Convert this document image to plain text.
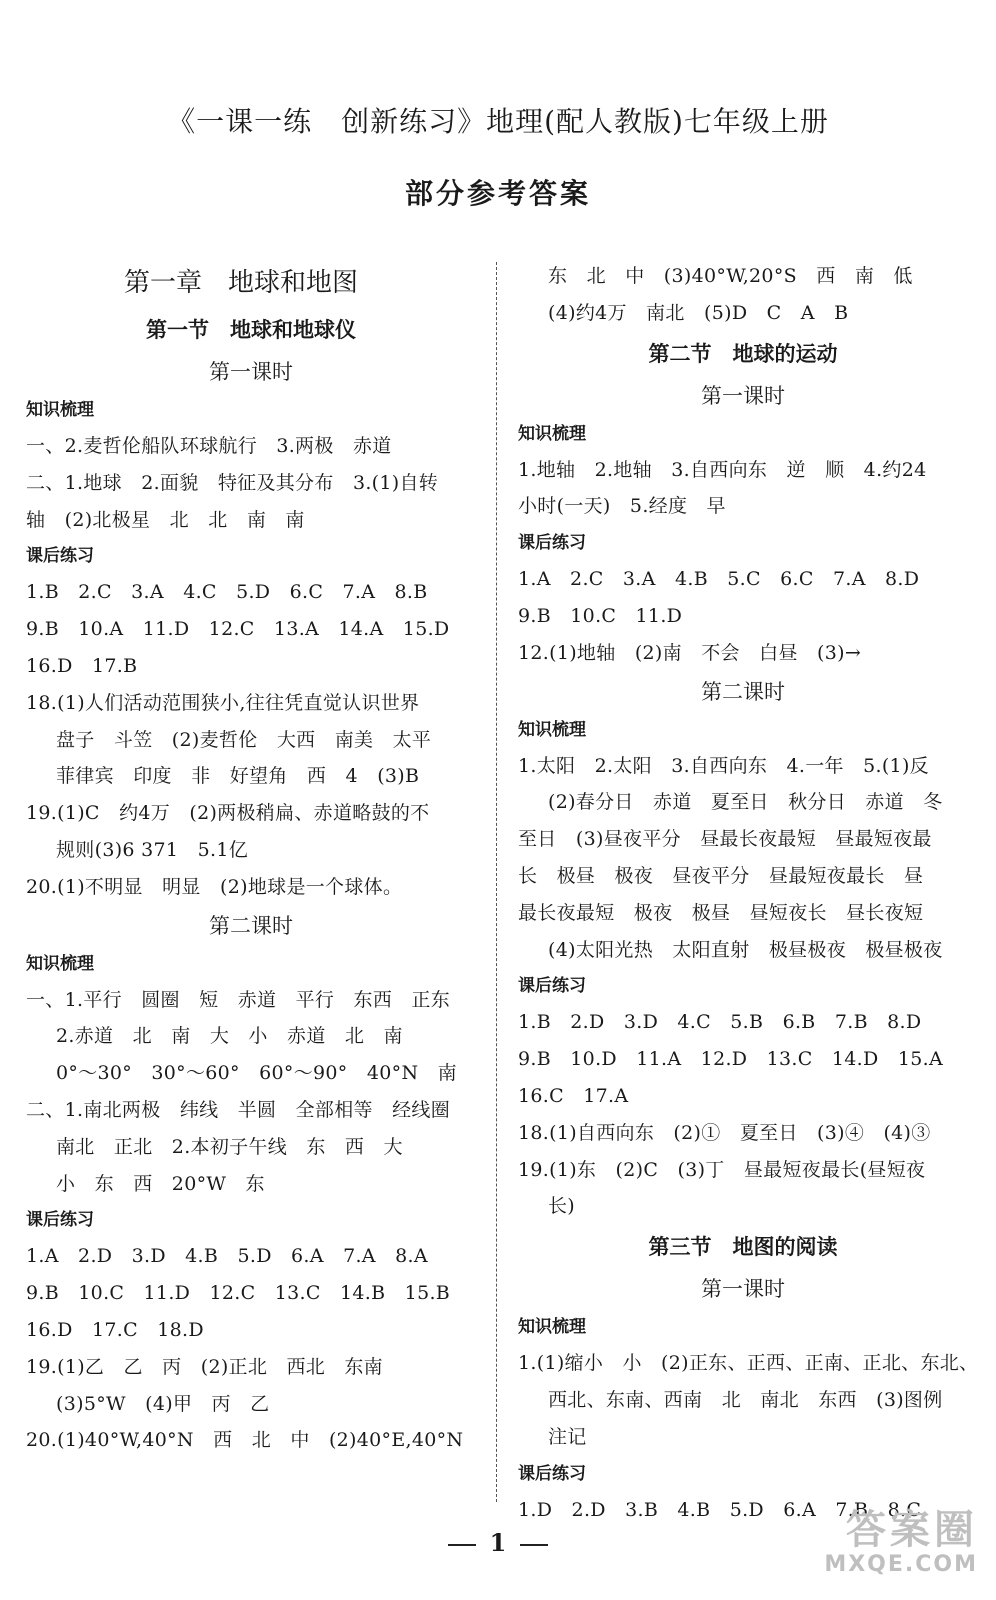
《一课一练　创新练习》地理(配人教版)七年级上册
部分参考答案
第一章　地球和地图
第一节　地球和地球仪
第一课时
知识梳理
一、2.麦哲伦船队环球航行　3.两极　赤道
二、1.地球　2.面貌　特征及其分布　3.(1)自转
轴　(2)北极星　北　北　南　南
课后练习
1.B　2.C　3.A　4.C　5.D　6.C　7.A　8.B
9.B　10.A　11.D　12.C　13.A　14.A　15.D
16.D　17.B
18.(1)人们活动范围狭小,往往凭直觉认识世界
盘子　斗笠　(2)麦哲伦　大西　南美　太平
菲律宾　印度　非　好望角　西　4　(3)B
19.(1)C　约4万　(2)两极稍扁、赤道略鼓的不
规则(3)6 371　5.1亿
20.(1)不明显　明显　(2)地球是一个球体。
第二课时
知识梳理
一、1.平行　圆圈　短　赤道　平行　东西　正东
2.赤道　北　南　大　小　赤道　北　南
0°～30°　30°～60°　60°～90°　40°N　南
二、1.南北两极　纬线　半圆　全部相等　经线圈
南北　正北　2.本初子午线　东　西　大
小　东　西　20°W　东
课后练习
1.A　2.D　3.D　4.B　5.D　6.A　7.A　8.A
9.B　10.C　11.D　12.C　13.C　14.B　15.B
16.D　17.C　18.D
19.(1)乙　乙　丙　(2)正北　西北　东南
(3)5°W　(4)甲　丙　乙
20.(1)40°W,40°N　西　北　中　(2)40°E,40°N
东　北　中　(3)40°W,20°S　西　南　低
(4)约4万　南北　(5)D　C　A　B
第二节　地球的运动
第一课时
知识梳理
1.地轴　2.地轴　3.自西向东　逆　顺　4.约24
小时(一天)　5.经度　早
课后练习
1.A　2.C　3.A　4.B　5.C　6.C　7.A　8.D
9.B　10.C　11.D
12.(1)地轴　(2)南　不会　白昼　(3)→
第二课时
知识梳理
1.太阳　2.太阳　3.自西向东　4.一年　5.(1)反
(2)春分日　赤道　夏至日　秋分日　赤道　冬
至日　(3)昼夜平分　昼最长夜最短　昼最短夜最
长　极昼　极夜　昼夜平分　昼最短夜最长　昼
最长夜最短　极夜　极昼　昼短夜长　昼长夜短
(4)太阳光热　太阳直射　极昼极夜　极昼极夜
课后练习
1.B　2.D　3.D　4.C　5.B　6.B　7.B　8.D
9.B　10.D　11.A　12.D　13.C　14.D　15.A
16.C　17.A
18.(1)自西向东　(2)①　夏至日　(3)④　(4)③
19.(1)东　(2)C　(3)丁　昼最短夜最长(昼短夜
长)
第三节　地图的阅读
第一课时
知识梳理
1.(1)缩小　小　(2)正东、正西、正南、正北、东北、
西北、东南、西南　北　南北　东西　(3)图例
注记
课后练习
1.D　2.D　3.B　4.B　5.D　6.A　7.B　8.C
1	答案圈
MXQE.COM
